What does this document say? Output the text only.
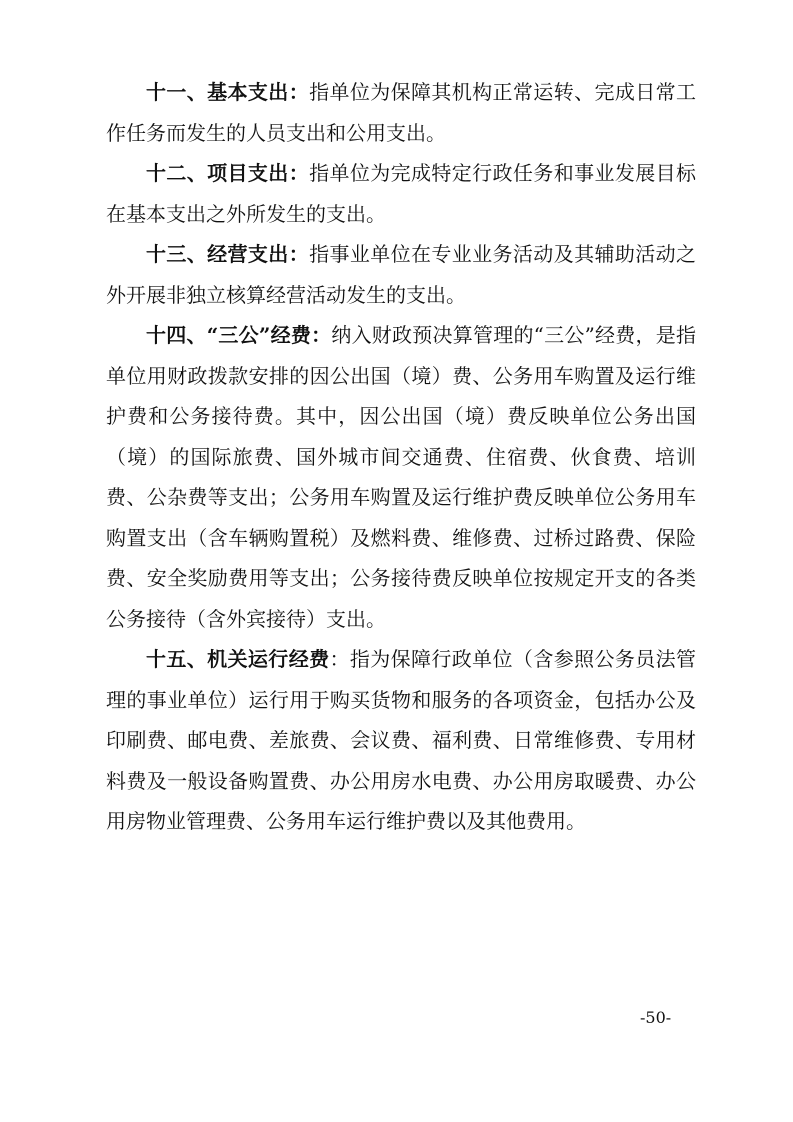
十一、基本支出：指单位为保障其机构正常运转、完成日常工作任务而发生的人员支出和公用支出。

十二、项目支出：指单位为完成特定行政任务和事业发展目标在基本支出之外所发生的支出。

十三、经营支出：指事业单位在专业业务活动及其辅助活动之外开展非独立核算经营活动发生的支出。

十四、“三公”经费：纳入财政预决算管理的“三公”经费，是指单位用财政拨款安排的因公出国（境）费、公务用车购置及运行维护费和公务接待费。其中，因公出国（境）费反映单位公务出国（境）的国际旅费、国外城市间交通费、住宿费、伙食费、培训费、公杂费等支出；公务用车购置及运行维护费反映单位公务用车购置支出（含车辆购置税）及燃料费、维修费、过桥过路费、保险费、安全奖励费用等支出；公务接待费反映单位按规定开支的各类公务接待（含外宾接待）支出。

十五、机关运行经费：指为保障行政单位（含参照公务员法管理的事业单位）运行用于购买货物和服务的各项资金，包括办公及印刷费、邮电费、差旅费、会议费、福利费、日常维修费、专用材料费及一般设备购置费、办公用房水电费、办公用房取暖费、办公用房物业管理费、公务用车运行维护费以及其他费用。

-50-
